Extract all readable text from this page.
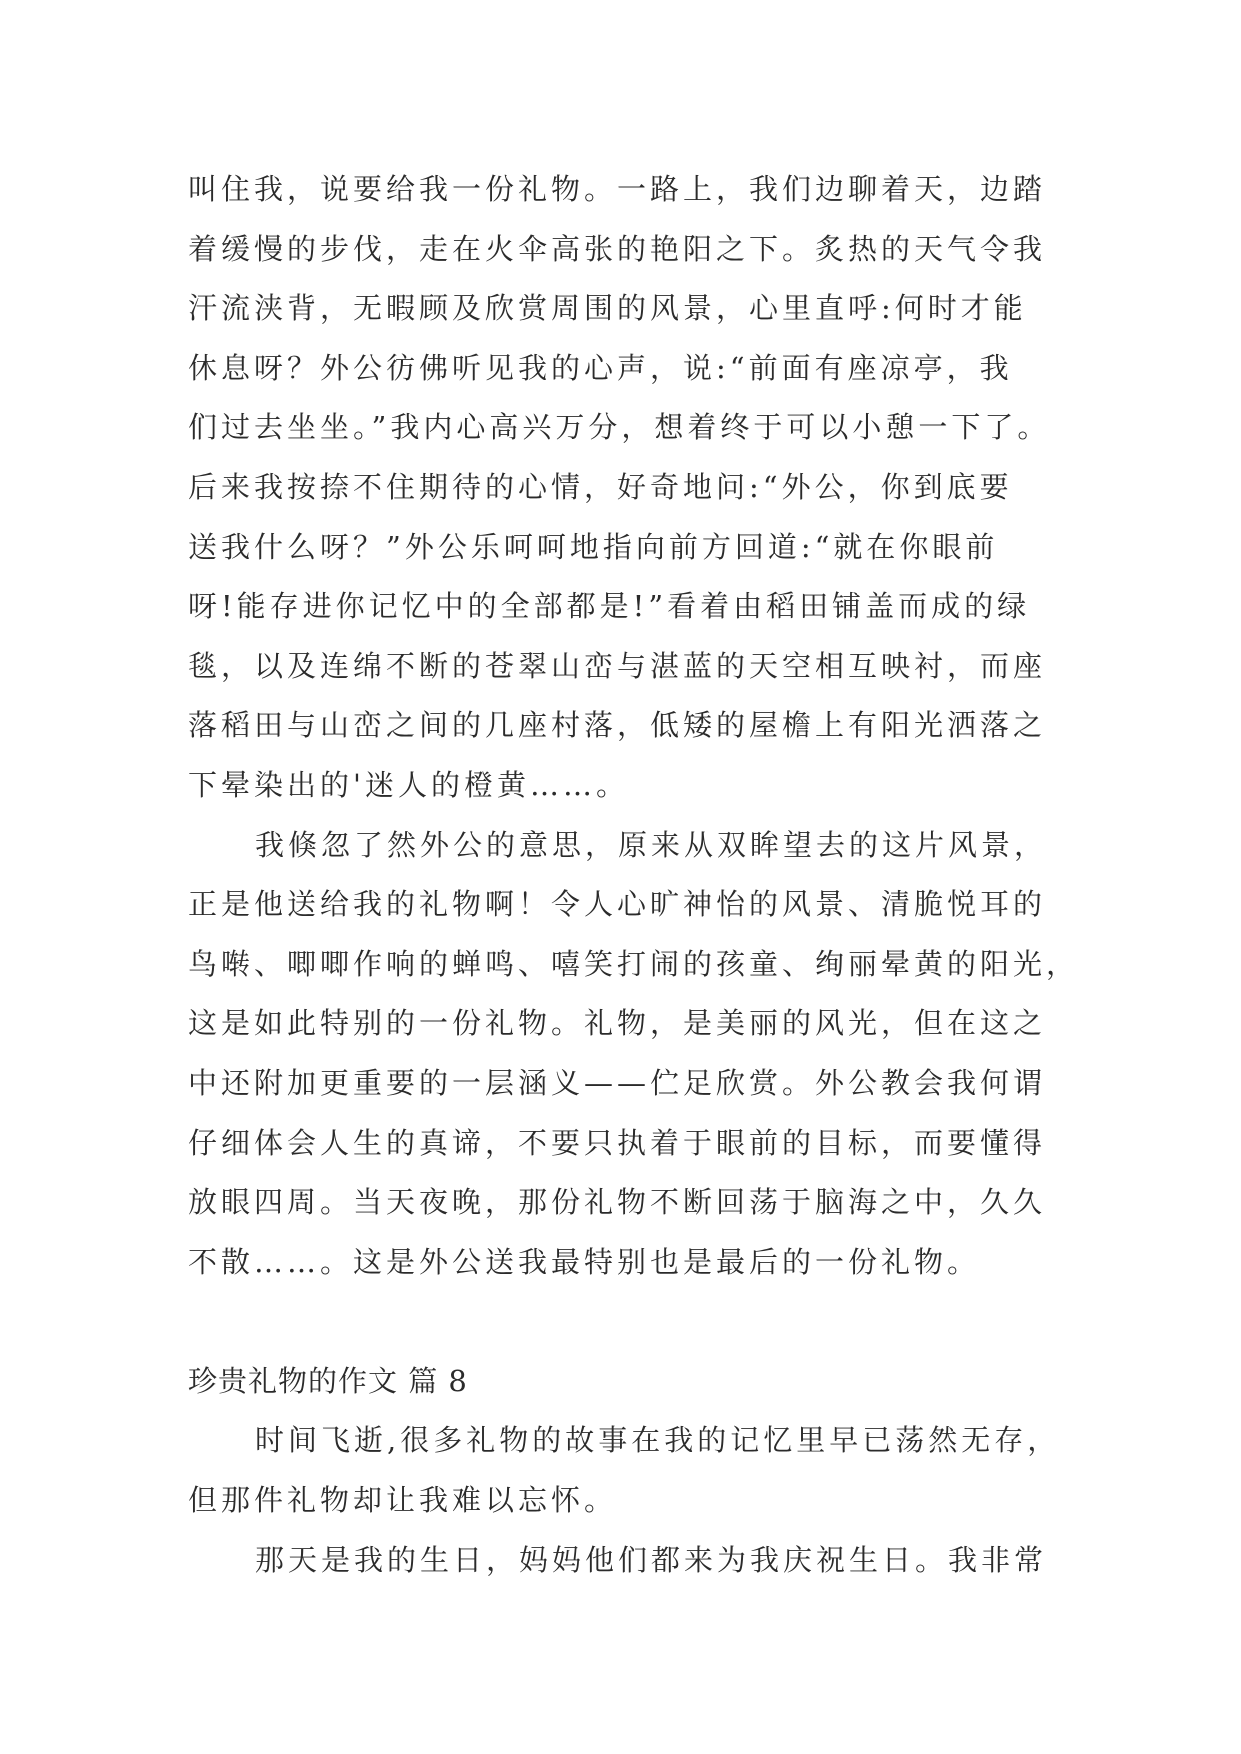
叫住我，说要给我一份礼物。一路上，我们边聊着天，边踏
着缓慢的步伐，走在火伞高张的艳阳之下。炙热的天气令我
汗流浃背，无暇顾及欣赏周围的风景，心里直呼:何时才能
休息呀？外公彷佛听见我的心声，说:“前面有座凉亭，我
们过去坐坐。”我内心高兴万分，想着终于可以小憩一下了。
后来我按捺不住期待的心情，好奇地问:“外公，你到底要
送我什么呀？”外公乐呵呵地指向前方回道:“就在你眼前
呀!能存进你记忆中的全部都是!”看着由稻田铺盖而成的绿
毯，以及连绵不断的苍翠山峦与湛蓝的天空相互映衬，而座
落稻田与山峦之间的几座村落，低矮的屋檐上有阳光洒落之
下晕染出的'迷人的橙黄……。
我倏忽了然外公的意思，原来从双眸望去的这片风景，
正是他送给我的礼物啊！令人心旷神怡的风景、清脆悦耳的
鸟啭、唧唧作响的蝉鸣、嘻笑打闹的孩童、绚丽晕黄的阳光，
这是如此特别的一份礼物。礼物，是美丽的风光，但在这之
中还附加更重要的一层涵义——伫足欣赏。外公教会我何谓
仔细体会人生的真谛，不要只执着于眼前的目标，而要懂得
放眼四周。当天夜晚，那份礼物不断回荡于脑海之中，久久
不散……。这是外公送我最特别也是最后的一份礼物。
珍贵礼物的作文 篇 8
时间飞逝,很多礼物的故事在我的记忆里早已荡然无存，
但那件礼物却让我难以忘怀。
那天是我的生日，妈妈他们都来为我庆祝生日。我非常
